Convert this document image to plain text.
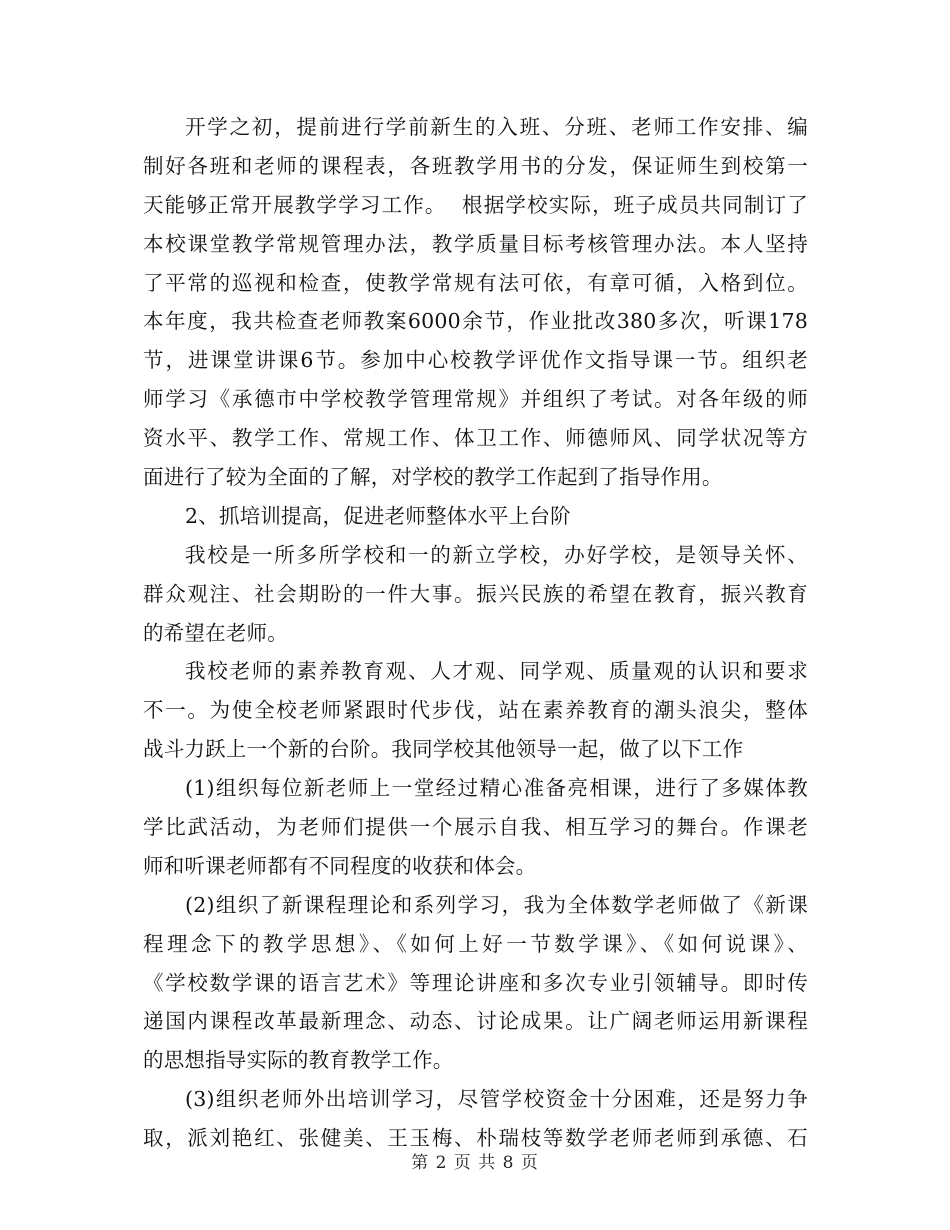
开学之初，提前进行学前新生的入班、分班、老师工作安排、编
制好各班和老师的课程表，各班教学用书的分发，保证师生到校第一
天能够正常开展教学学习工作。  根据学校实际，班子成员共同制订了
本校课堂教学常规管理办法，教学质量目标考核管理办法。本人坚持
了平常的巡视和检查，使教学常规有法可依，有章可循，入格到位。
本年度，我共检查老师教案6000余节，作业批改380多次，听课178
节，进课堂讲课6节。参加中心校教学评优作文指导课一节。组织老
师学习《承德市中学校教学管理常规》并组织了考试。对各年级的师
资水平、教学工作、常规工作、体卫工作、师德师风、同学状况等方
面进行了较为全面的了解，对学校的教学工作起到了指导作用。
2、抓培训提高，促进老师整体水平上台阶
我校是一所多所学校和一的新立学校，办好学校，是领导关怀、
群众观注、社会期盼的一件大事。振兴民族的希望在教育，振兴教育
的希望在老师。
我校老师的素养教育观、人才观、同学观、质量观的认识和要求
不一。为使全校老师紧跟时代步伐，站在素养教育的潮头浪尖，整体
战斗力跃上一个新的台阶。我同学校其他领导一起，做了以下工作
(1)组织每位新老师上一堂经过精心准备亮相课，进行了多媒体教
学比武活动，为老师们提供一个展示自我、相互学习的舞台。作课老
师和听课老师都有不同程度的收获和体会。
(2)组织了新课程理论和系列学习，我为全体数学老师做了《新课
程理念下的教学思想》、《如何上好一节数学课》、《如何说课》、
《学校数学课的语言艺术》等理论讲座和多次专业引领辅导。即时传
递国内课程改革最新理念、动态、讨论成果。让广阔老师运用新课程
的思想指导实际的教育教学工作。
(3)组织老师外出培训学习，尽管学校资金十分困难，还是努力争
取，派刘艳红、张健美、王玉梅、朴瑞枝等数学老师老师到承德、石
第 2 页 共 8 页
